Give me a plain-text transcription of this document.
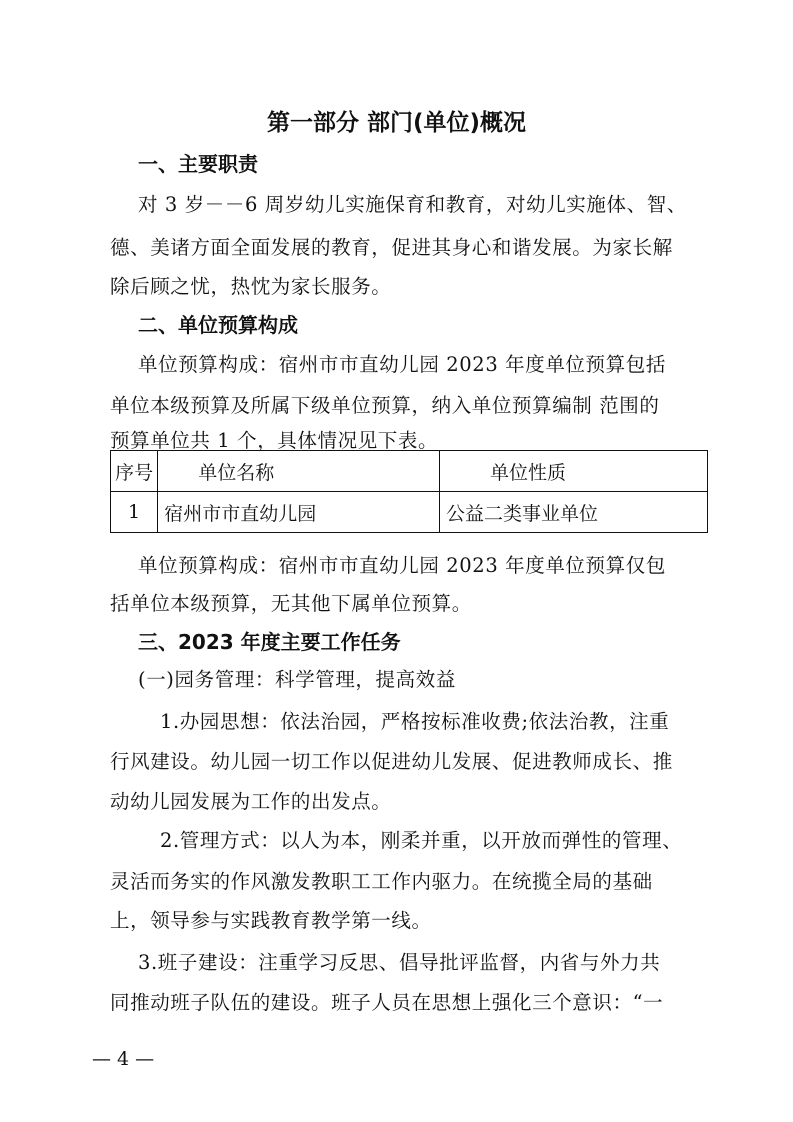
第一部分 部门(单位)概况
一、主要职责
对 3 岁－－6 周岁幼儿实施保育和教育，对幼儿实施体、智、
德、美诸方面全面发展的教育，促进其身心和谐发展。为家长解
除后顾之忧，热忱为家长服务。
二、单位预算构成
单位预算构成：宿州市市直幼儿园 2023 年度单位预算包括
单位本级预算及所属下级单位预算，纳入单位预算编制 范围的
预算单位共 1 个，具体情况见下表。
序号	单位名称	单位性质
1	宿州市市直幼儿园	公益二类事业单位
单位预算构成：宿州市市直幼儿园 2023 年度单位预算仅包
括单位本级预算，无其他下属单位预算。
三、2023 年度主要工作任务
(一)园务管理：科学管理，提高效益
1.办园思想：依法治园，严格按标准收费;依法治教，注重
行风建设。幼儿园一切工作以促进幼儿发展、促进教师成长、推
动幼儿园发展为工作的出发点。
2.管理方式：以人为本，刚柔并重，以开放而弹性的管理、
灵活而务实的作风激发教职工工作内驱力。在统揽全局的基础
上，领导参与实践教育教学第一线。
3.班子建设：注重学习反思、倡导批评监督，内省与外力共
同推动班子队伍的建设。班子人员在思想上强化三个意识：“一
— 4 —
